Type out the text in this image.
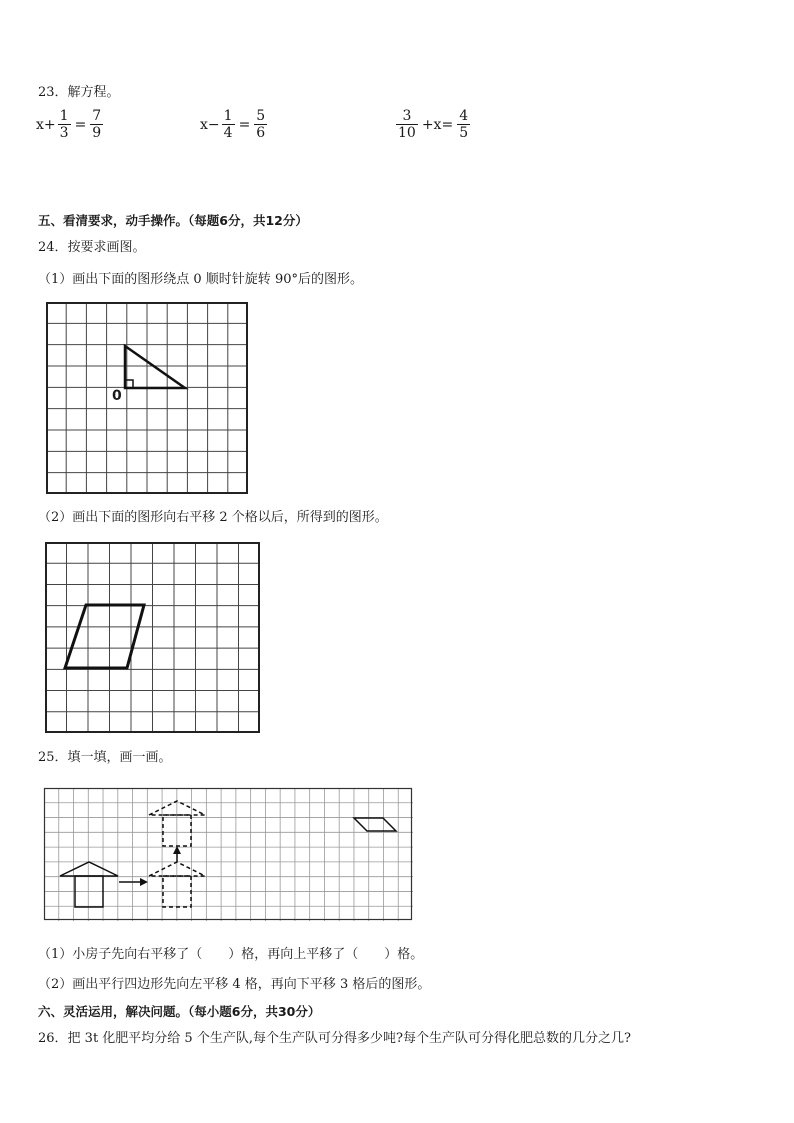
23．解方程。
$x+ \frac{1}{3} = \frac{7}{9}$	$x- \frac{1}{4} = \frac{5}{6}$	$\frac{3}{10} +x= \frac{4}{5}$
五、看清要求，动手操作。（每题6分，共12分）
24．按要求画图。
（1）画出下面的图形绕点 0 顺时针旋转 90°后的图形。
0
（2）画出下面的图形向右平移 2 个格以后，所得到的图形。
25．填一填，画一画。
（1）小房子先向右平移了（　　）格，再向上平移了（　　）格。
（2）画出平行四边形先向左平移 4 格，再向下平移 3 格后的图形。
六、灵活运用，解决问题。（每小题6分，共30分）
26．把 3t 化肥平均分给 5 个生产队,每个生产队可分得多少吨?每个生产队可分得化肥总数的几分之几?
